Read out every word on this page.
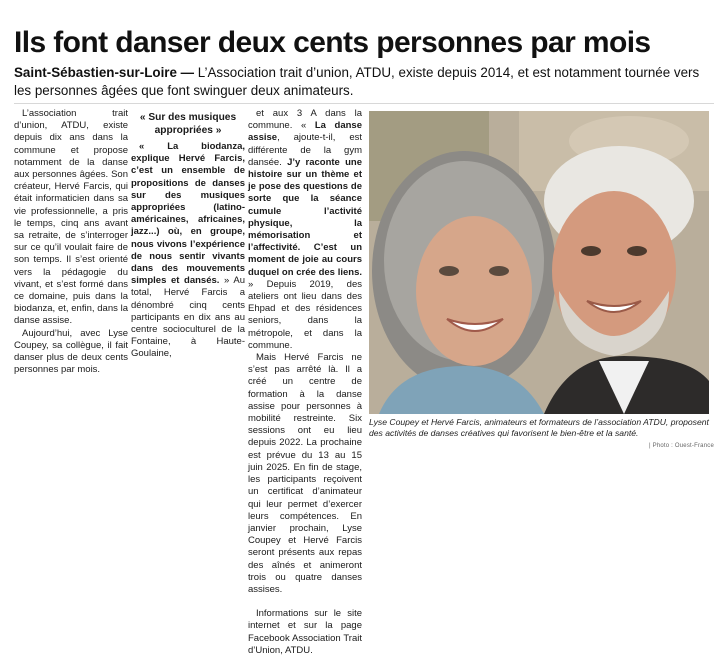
Ils font danser deux cents personnes par mois
Saint-Sébastien-sur-Loire — L’Association trait d’union, ATDU, existe depuis 2014, et est notamment tournée vers les personnes âgées que font swinguer deux animateurs.

L’association trait d’union, ATDU, existe depuis dix ans dans la commune et propose notamment de la danse aux personnes âgées. Son créateur, Hervé Farcis, qui était informaticien dans sa vie professionnelle, a pris le temps, cinq ans avant sa retraite, de s’interroger sur ce qu’il voulait faire de son temps. Il s’est orienté vers la pédagogie du vivant, et s’est formé dans ce domaine, puis dans la biodanza, et, enfin, dans la danse assise.

Aujourd’hui, avec Lyse Coupey, sa collègue, il fait danser plus de deux cents personnes par mois.

« Sur des musiques appropriées »

« La biodanza, explique Hervé Farcis, c’est un ensemble de propositions de danses sur des musiques appropriées (latino-américaines, africaines, jazz...) où, en groupe, nous vivons l’expérience de nous sentir vivants dans des mouvements simples et dansés. » Au total, Hervé Farcis a dénombré cinq cents participants en dix ans au centre socioculturel de la Fontaine, à Haute-Goulaine,

et aux 3 A dans la commune. « La danse assise, ajoute-t-il, est différente de la gym dansée. J’y raconte une histoire sur un thème et je pose des questions de sorte que la séance cumule l’activité physique, la mémorisation et l’affectivité. C’est un moment de joie au cours duquel on crée des liens. » Depuis 2019, des ateliers ont lieu dans des Ehpad et des résidences seniors, dans la métropole, et dans la commune.

Mais Hervé Farcis ne s’est pas arrêté là. Il a créé un centre de formation à la danse assise pour personnes à mobilité restreinte. Six sessions ont eu lieu depuis 2022. La prochaine est prévue du 13 au 15 juin 2025. En fin de stage, les participants reçoivent un certificat d’animateur qui leur permet d’exercer leurs compétences. En janvier prochain, Lyse Coupey et Hervé Farcis seront présents aux repas des aînés et animeront trois ou quatre danses assises.

Informations sur le site internet et sur la page Facebook Association Trait d’Union, ATDU.

Lyse Coupey et Hervé Farcis, animateurs et formateurs de l’association ATDU, proposent des activités de danses créatives qui favorisent le bien-être et la santé.
| Photo : Ouest-France
